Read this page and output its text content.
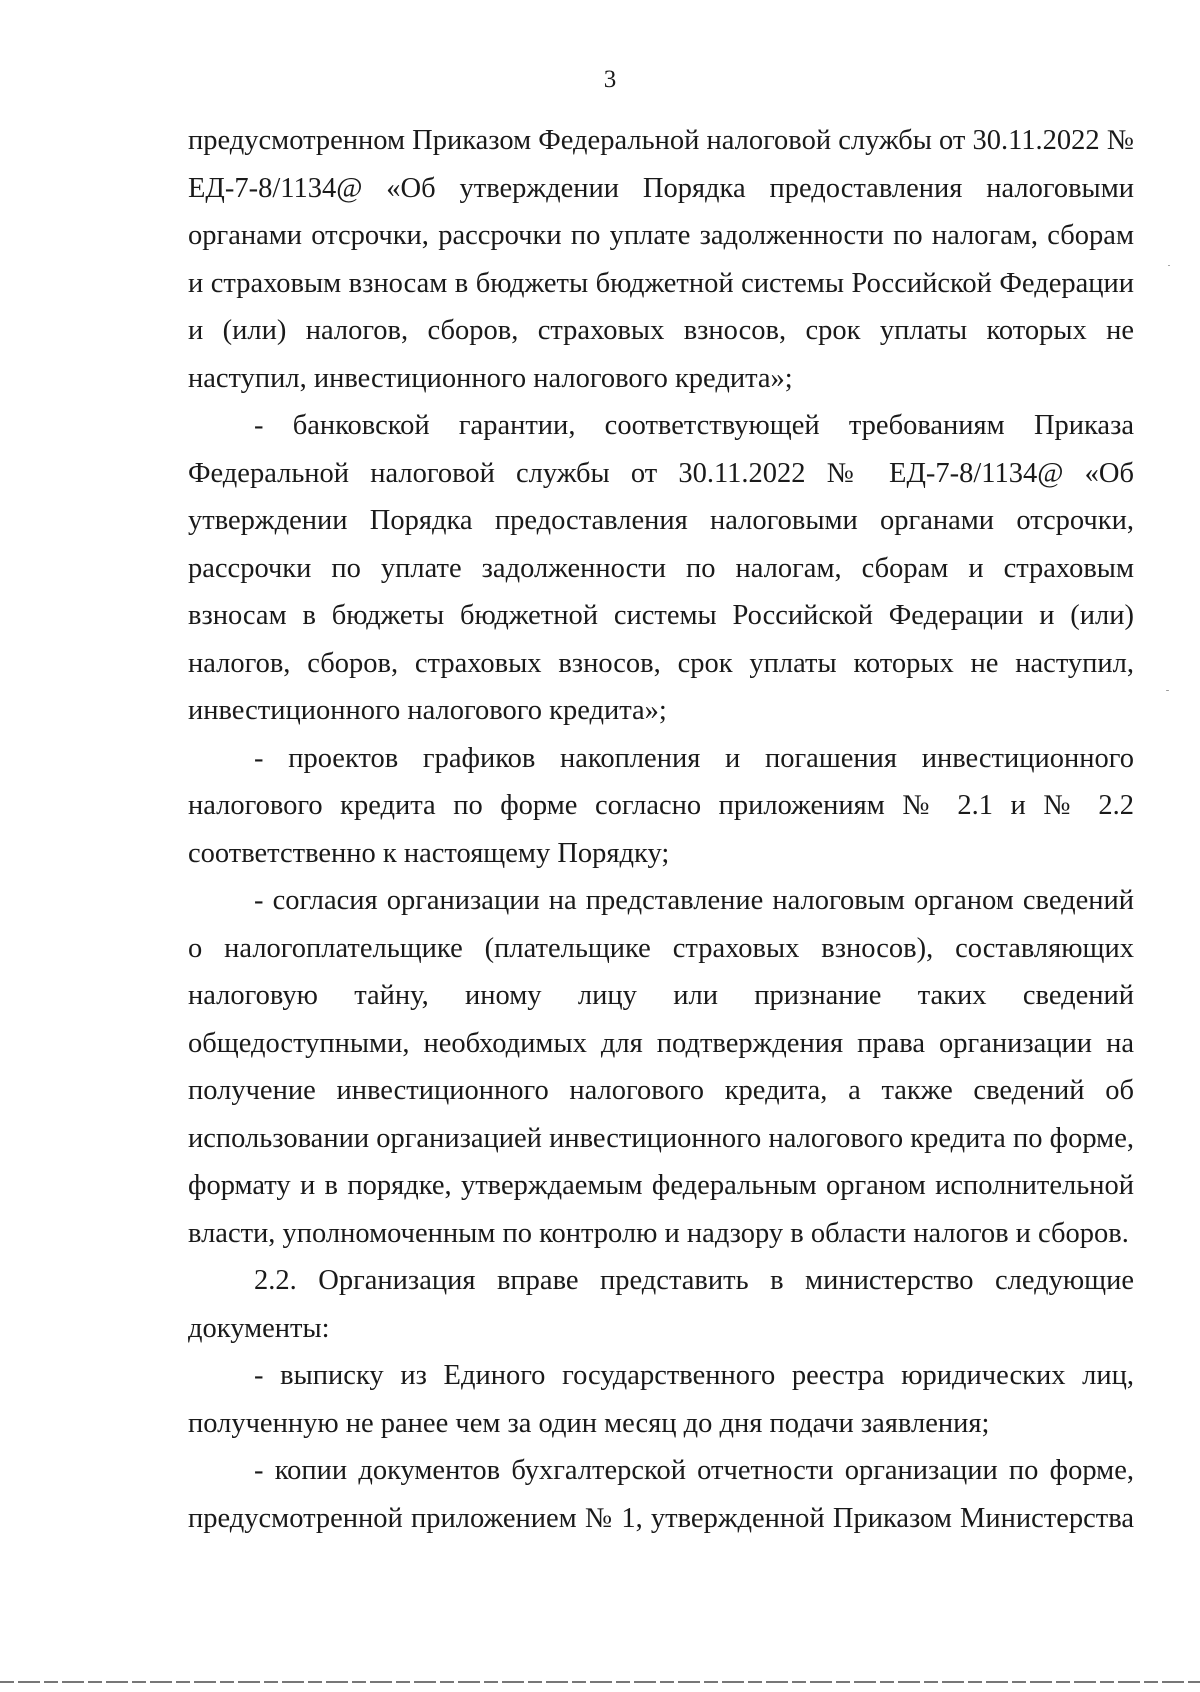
3

предусмотренном Приказом Федеральной налоговой службы от 30.11.2022 № ЕД-7-8/1134@ «Об утверждении Порядка предоставления налоговыми органами отсрочки, рассрочки по уплате задолженности по налогам, сборам и страховым взносам в бюджеты бюджетной системы Российской Федерации и (или) налогов, сборов, страховых взносов, срок уплаты которых не наступил, инвестиционного налогового кредита»;

- банковской гарантии, соответствующей требованиям Приказа Федеральной налоговой службы от 30.11.2022 № ЕД-7-8/1134@ «Об утверждении Порядка предоставления налоговыми органами отсрочки, рассрочки по уплате задолженности по налогам, сборам и страховым взносам в бюджеты бюджетной системы Российской Федерации и (или) налогов, сборов, страховых взносов, срок уплаты которых не наступил, инвестиционного налогового кредита»;

- проектов графиков накопления и погашения инвестиционного налогового кредита по форме согласно приложениям № 2.1 и № 2.2 соответственно к настоящему Порядку;

- согласия организации на представление налоговым органом сведений о налогоплательщике (плательщике страховых взносов), составляющих налоговую тайну, иному лицу или признание таких сведений общедоступными, необходимых для подтверждения права организации на получение инвестиционного налогового кредита, а также сведений об использовании организацией инвестиционного налогового кредита по форме, формату и в порядке, утверждаемым федеральным органом исполнительной власти, уполномоченным по контролю и надзору в области налогов и сборов.

2.2. Организация вправе представить в министерство следующие документы:

- выписку из Единого государственного реестра юридических лиц, полученную не ранее чем за один месяц до дня подачи заявления;

- копии документов бухгалтерской отчетности организации по форме, предусмотренной приложением № 1, утвержденной Приказом Министерства
